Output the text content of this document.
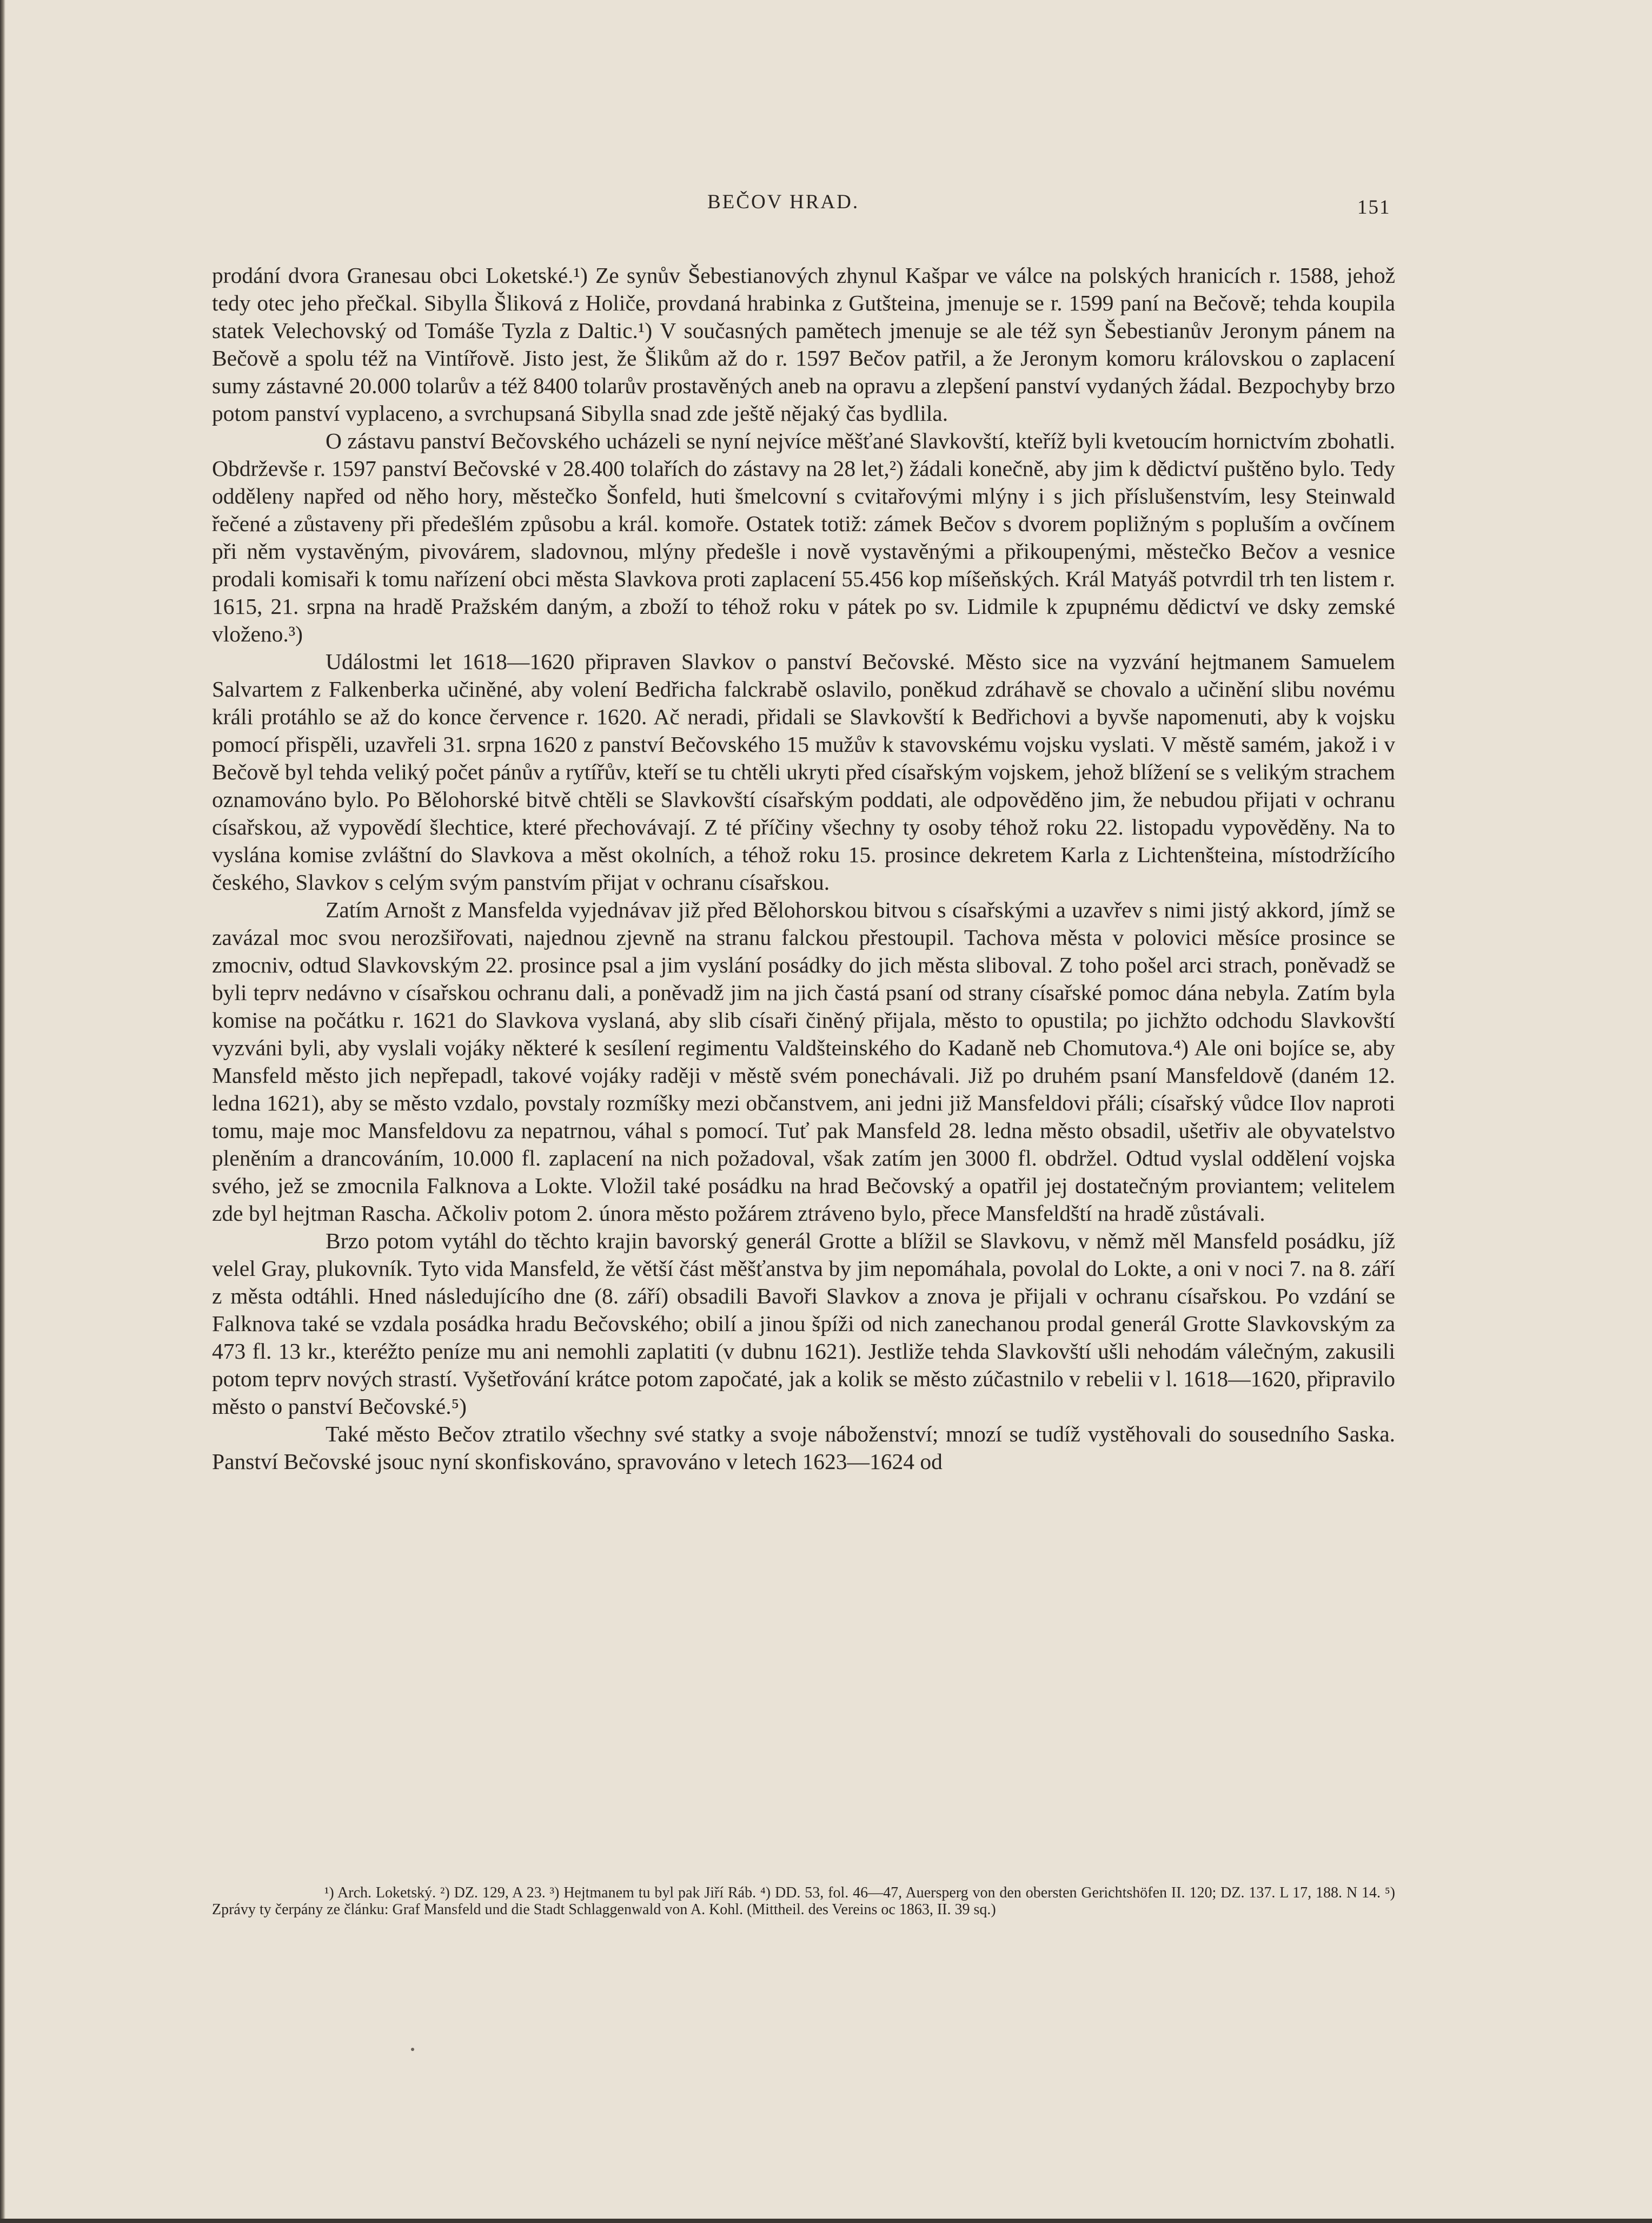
BEČOV HRAD.	151

prodání dvora Granesau obci Loketské.¹) Ze synův Šebestianových zhynul Kašpar ve válce na polských hranicích r. 1588, jehož tedy otec jeho přečkal. Sibylla Šliková z Holiče, provdaná hrabinka z Gutšteina, jmenuje se r. 1599 paní na Bečově; tehda koupila statek Velechovský od Tomáše Tyzla z Daltic.¹) V současných pamětech jmenuje se ale též syn Šebestianův Jeronym pánem na Bečově a spolu též na Vintířově. Jisto jest, že Šlikům až do r. 1597 Bečov patřil, a že Jeronym komoru královskou o zaplacení sumy zástavné 20.000 tolarův a též 8400 tolarův prostavěných aneb na opravu a zlepšení panství vydaných žádal. Bezpochyby brzo potom panství vyplaceno, a svrchupsaná Sibylla snad zde ještě nějaký čas bydlila.

O zástavu panství Bečovského ucházeli se nyní nejvíce měšťané Slavkovští, kteříž byli kvetoucím hornictvím zbohatli. Obdrževše r. 1597 panství Bečovské v 28.400 tolařích do zástavy na 28 let,²) žádali konečně, aby jim k dědictví puštěno bylo. Tedy odděleny napřed od něho hory, městečko Šonfeld, huti šmelcovní s cvitařovými mlýny i s jich příslušenstvím, lesy Steinwald řečené a zůstaveny při předešlém způsobu a král. komoře. Ostatek totiž: zámek Bečov s dvorem popližným s popluším a ovčínem při něm vystavěným, pivovárem, sladovnou, mlýny předešle i nově vystavěnými a přikoupenými, městečko Bečov a vesnice prodali komisaři k tomu nařízení obci města Slavkova proti zaplacení 55.456 kop míšeňských. Král Matyáš potvrdil trh ten listem r. 1615, 21. srpna na hradě Pražském daným, a zboží to téhož roku v pátek po sv. Lidmile k zpupnému dědictví ve dsky zemské vloženo.³)

Událostmi let 1618—1620 připraven Slavkov o panství Bečovské. Město sice na vyzvání hejtmanem Samuelem Salvartem z Falkenberka učiněné, aby volení Bedřicha falckrabě oslavilo, poněkud zdráhavě se chovalo a učinění slibu novému králi protáhlo se až do konce července r. 1620. Ač neradi, přidali se Slavkovští k Bedřichovi a byvše napomenuti, aby k vojsku pomocí přispěli, uzavřeli 31. srpna 1620 z panství Bečovského 15 mužův k stavovskému vojsku vyslati. V městě samém, jakož i v Bečově byl tehda veliký počet pánův a rytířův, kteří se tu chtěli ukryti před císařským vojskem, jehož blížení se s velikým strachem oznamováno bylo. Po Bělohorské bitvě chtěli se Slavkovští císařským poddati, ale odpověděno jim, že nebudou přijati v ochranu císařskou, až vypovědí šlechtice, které přechovávají. Z té příčiny všechny ty osoby téhož roku 22. listopadu vypověděny. Na to vyslána komise zvláštní do Slavkova a měst okolních, a téhož roku 15. prosince dekretem Karla z Lichtenšteina, místodržícího českého, Slavkov s celým svým panstvím přijat v ochranu císařskou.

Zatím Arnošt z Mansfelda vyjednávav již před Bělohorskou bitvou s císařskými a uzavřev s nimi jistý akkord, jímž se zavázal moc svou nerozšiřovati, najednou zjevně na stranu falckou přestoupil. Tachova města v polovici měsíce prosince se zmocniv, odtud Slavkovským 22. prosince psal a jim vyslání posádky do jich města sliboval. Z toho pošel arci strach, poněvadž se byli teprv nedávno v císařskou ochranu dali, a poněvadž jim na jich častá psaní od strany císařské pomoc dána nebyla. Zatím byla komise na počátku r. 1621 do Slavkova vyslaná, aby slib císaři činěný přijala, město to opustila; po jichžto odchodu Slavkovští vyzváni byli, aby vyslali vojáky některé k sesílení regimentu Valdšteinského do Kadaně neb Chomutova.⁴) Ale oni bojíce se, aby Mansfeld město jich nepřepadl, takové vojáky raději v městě svém ponechávali. Již po druhém psaní Mansfeldově (daném 12. ledna 1621), aby se město vzdalo, povstaly rozmíšky mezi občanstvem, ani jedni již Mansfeldovi přáli; císařský vůdce Ilov naproti tomu, maje moc Mansfeldovu za nepatrnou, váhal s pomocí. Tuť pak Mansfeld 28. ledna město obsadil, ušetřiv ale obyvatelstvo pleněním a drancováním, 10.000 fl. zaplacení na nich požadoval, však zatím jen 3000 fl. obdržel. Odtud vyslal oddělení vojska svého, jež se zmocnila Falknova a Lokte. Vložil také posádku na hrad Bečovský a opatřil jej dostatečným proviantem; velitelem zde byl hejtman Rascha. Ačkoliv potom 2. února město požárem ztráveno bylo, přece Mansfeldští na hradě zůstávali.

Brzo potom vytáhl do těchto krajin bavorský generál Grotte a blížil se Slavkovu, v němž měl Mansfeld posádku, jíž velel Gray, plukovník. Tyto vida Mansfeld, že větší část měšťanstva by jim nepomáhala, povolal do Lokte, a oni v noci 7. na 8. září z města odtáhli. Hned následujícího dne (8. září) obsadili Bavoři Slavkov a znova je přijali v ochranu císařskou. Po vzdání se Falknova také se vzdala posádka hradu Bečovského; obilí a jinou špíži od nich zanechanou prodal generál Grotte Slavkovským za 473 fl. 13 kr., kteréžto peníze mu ani nemohli zaplatiti (v dubnu 1621). Jestliže tehda Slavkovští ušli nehodám válečným, zakusili potom teprv nových strastí. Vyšetřování krátce potom započaté, jak a kolik se město zúčastnilo v rebelii v l. 1618—1620, připravilo město o panství Bečovské.⁵)

Také město Bečov ztratilo všechny své statky a svoje náboženství; mnozí se tudíž vystěhovali do sousedního Saska. Panství Bečovské jsouc nyní skonfiskováno, spravováno v letech 1623—1624 od

¹) Arch. Loketský. ²) DZ. 129, A 23. ³) Hejtmanem tu byl pak Jiří Ráb. ⁴) DD. 53, fol. 46—47, Auersperg von den obersten Gerichtshöfen II. 120; DZ. 137. L 17, 188. N 14. ⁵) Zprávy ty čerpány ze článku: Graf Mansfeld und die Stadt Schlaggenwald von A. Kohl. (Mittheil. des Vereins oc 1863, II. 39 sq.)
